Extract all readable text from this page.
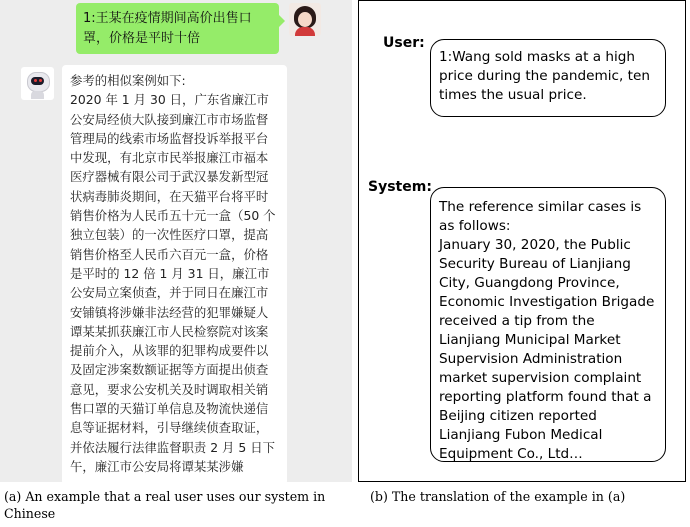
1:王某在疫情期间高价出售口罩，价格是平时十倍
参考的相似案例如下:
2020 年 1 月 30 日，广东省廉江市公安局经侦大队接到廉江市市场监督管理局的线索市场监督投诉举报平台中发现，有北京市民举报廉江市福本医疗器械有限公司于武汉暴发新型冠状病毒肺炎期间，在天猫平台将平时销售价格为人民币五十元一盒（50 个独立包装）的一次性医疗口罩，提高销售价格至人民币六百元一盒，价格是平时的 12 倍 1 月 31 日，廉江市公安局立案侦查，并于同日在廉江市安铺镇将涉嫌非法经营的犯罪嫌疑人谭某某抓获廉江市人民检察院对该案提前介入，从该罪的犯罪构成要件以及固定涉案数额证据等方面提出侦查意见，要求公安机关及时调取相关销售口罩的天猫订单信息及物流快递信息等证据材料，引导继续侦查取证，并依法履行法律监督职责 2 月 5 日下午，廉江市公安局将谭某某涉嫌
User:
1:Wang sold masks at a high price during the pandemic, ten times the usual price.
System:
The reference similar cases is as follows:
January 30, 2020, the Public Security Bureau of Lianjiang City, Guangdong Province, Economic Investigation Brigade received a tip from the Lianjiang Municipal Market Supervision Administration market supervision complaint reporting platform found that a Beijing citizen reported Lianjiang Fubon Medical Equipment Co., Ltd…
(a) An example that a real user uses our system in Chinese
(b) The translation of the example in (a)
